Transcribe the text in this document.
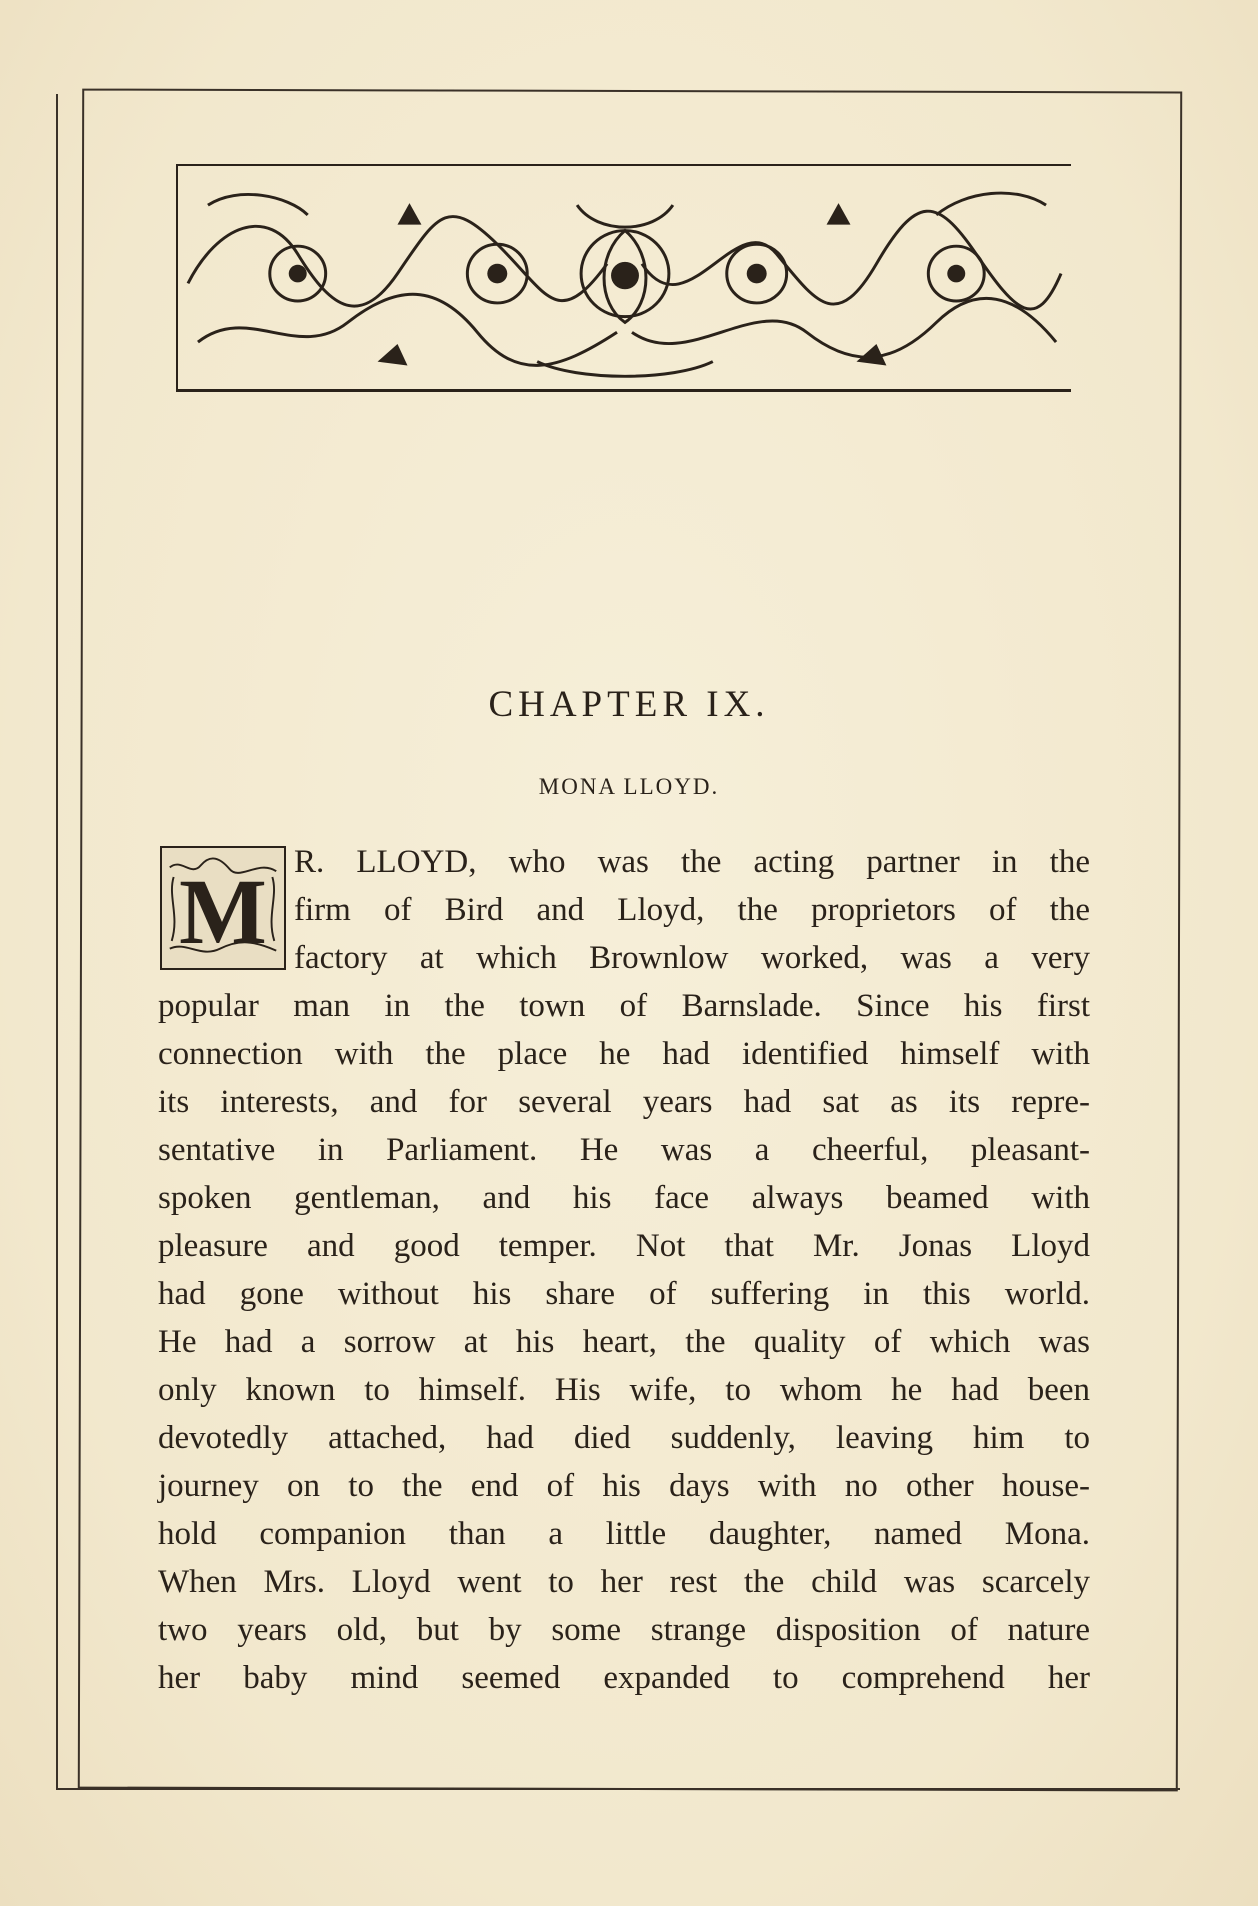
CHAPTER IX.
MONA LLOYD.
M R. LLOYD, who was the acting partner in the
firm of Bird and Lloyd, the proprietors of the
factory at which Brownlow worked, was a very
popular man in the town of Barnslade. Since his first
connection with the place he had identified himself with
its interests, and for several years had sat as its repre-
sentative in Parliament. He was a cheerful, pleasant-
spoken gentleman, and his face always beamed with
pleasure and good temper. Not that Mr. Jonas Lloyd
had gone without his share of suffering in this world.
He had a sorrow at his heart, the quality of which was
only known to himself. His wife, to whom he had been
devotedly attached, had died suddenly, leaving him to
journey on to the end of his days with no other house-
hold companion than a little daughter, named Mona.
When Mrs. Lloyd went to her rest the child was scarcely
two years old, but by some strange disposition of nature
her baby mind seemed expanded to comprehend her
